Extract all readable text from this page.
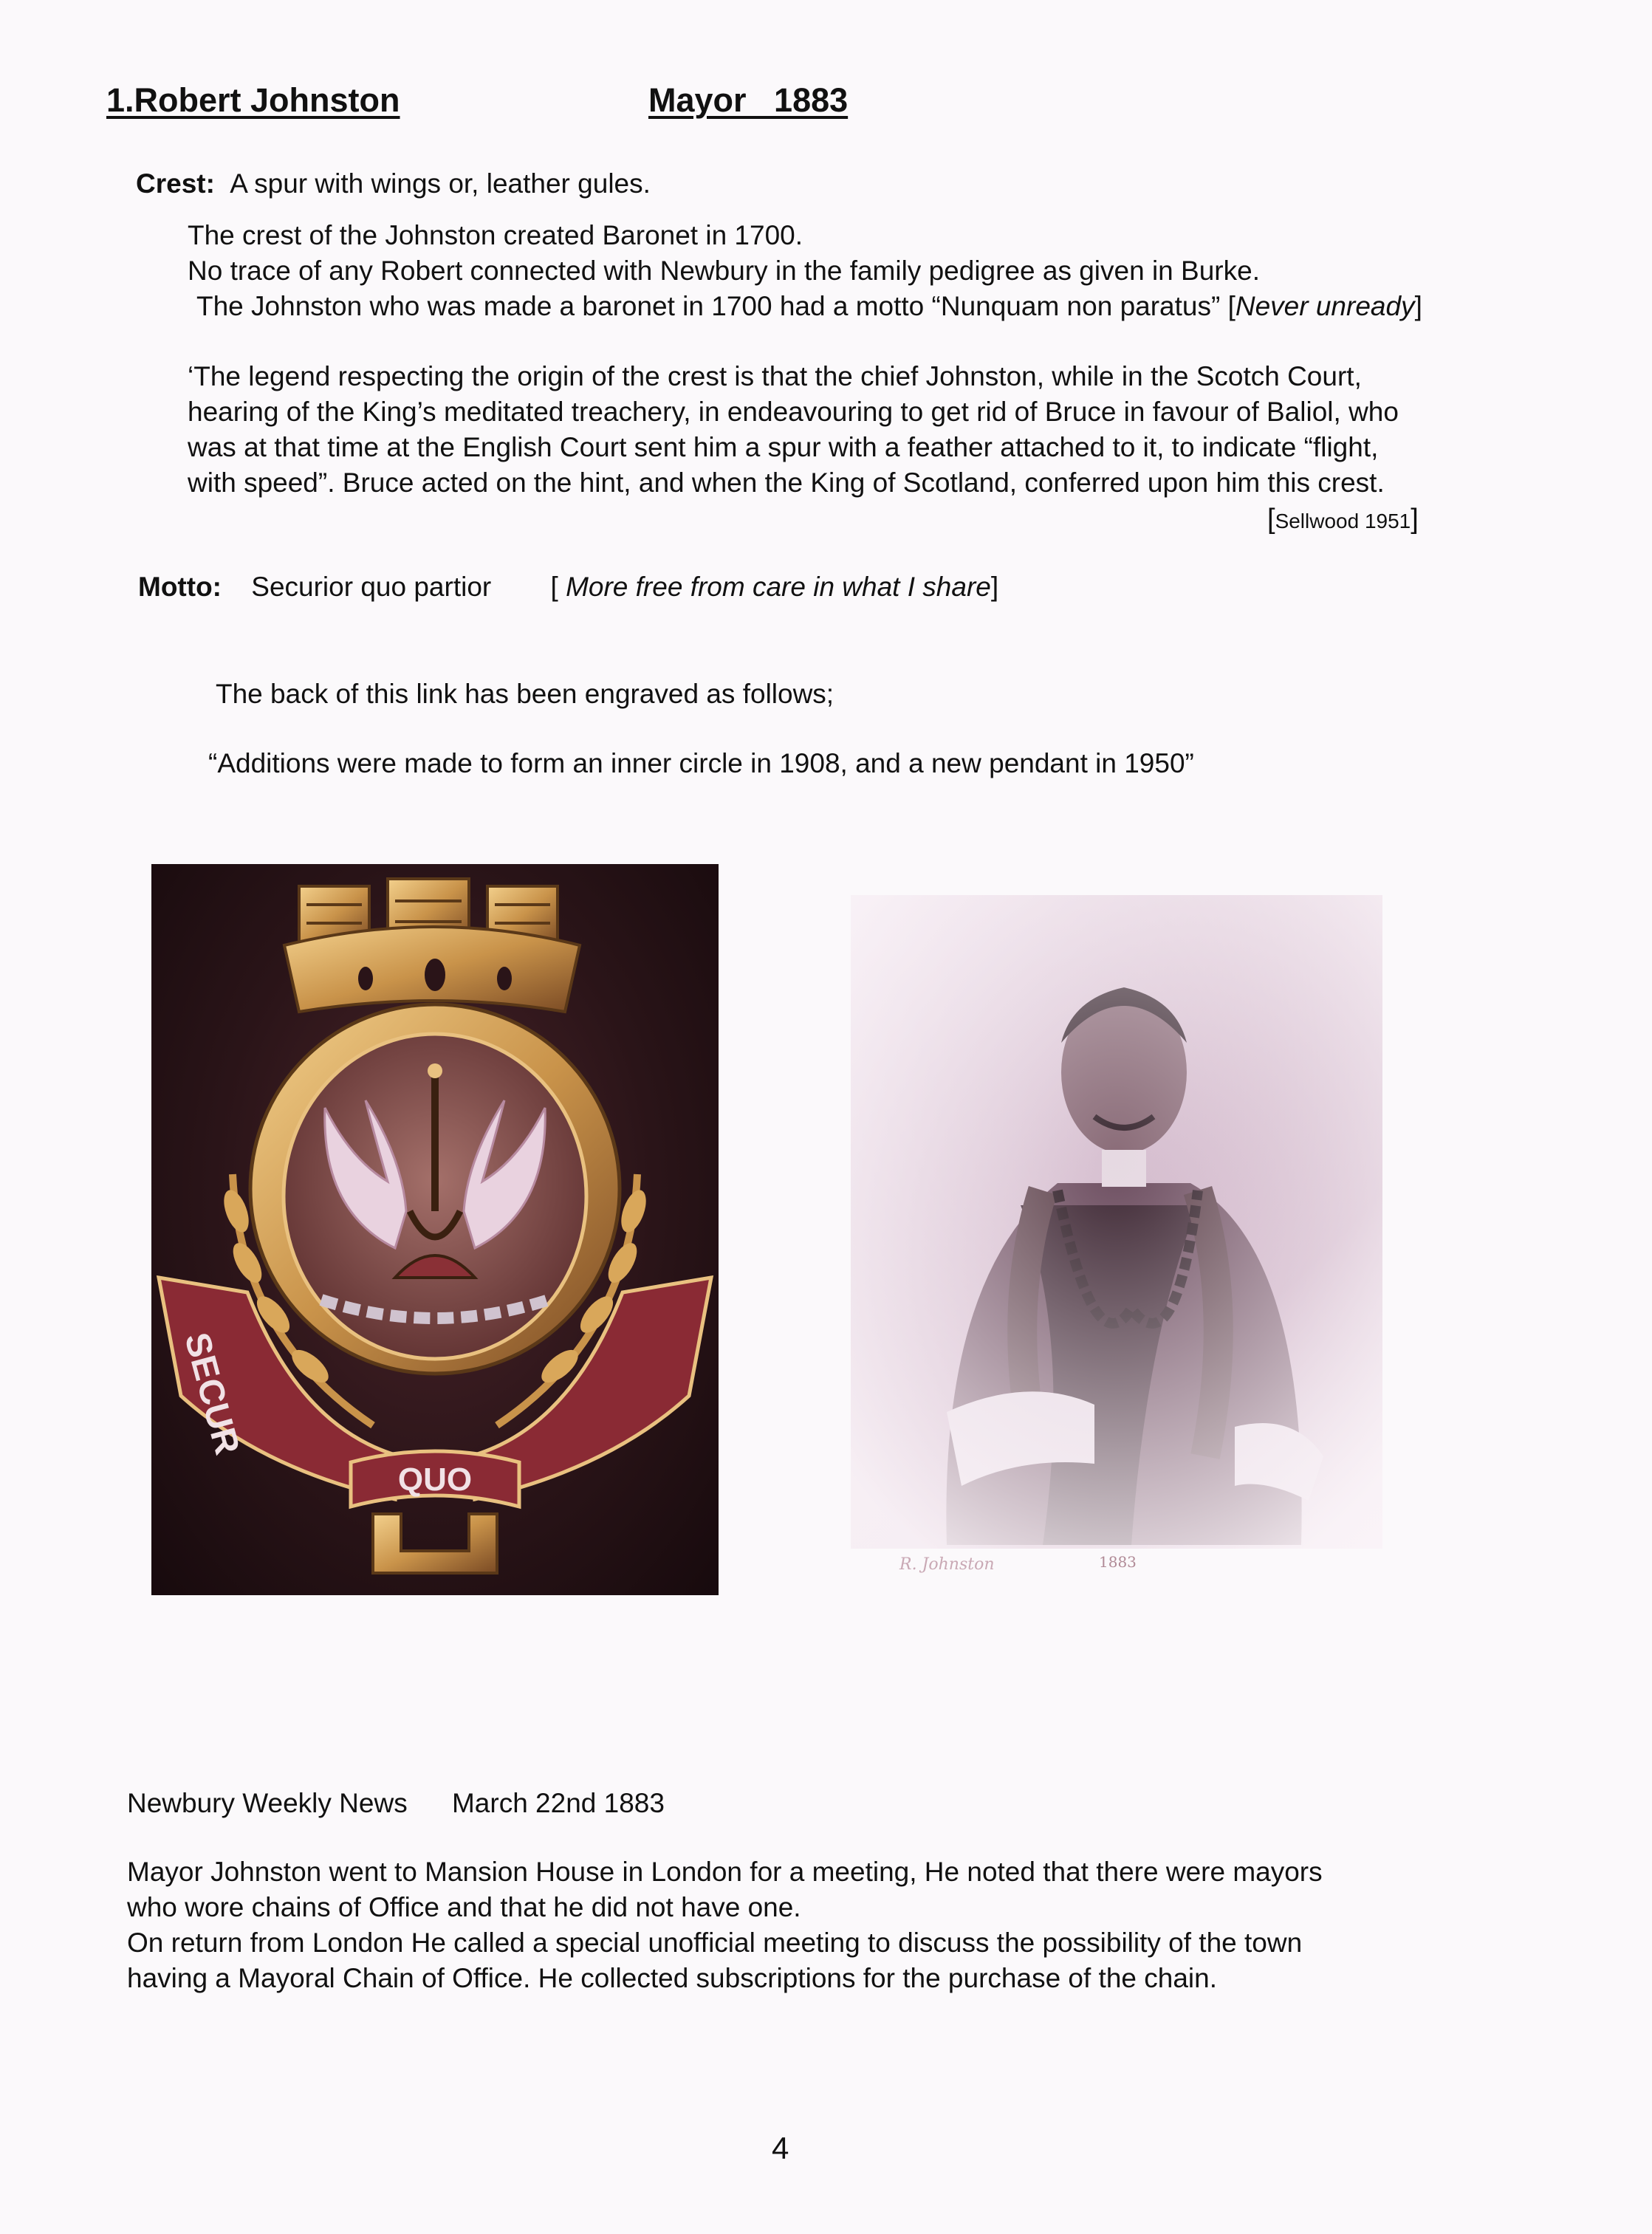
1.Robert Johnston	Mayor   1883
Crest: A spur with wings or, leather gules.
The crest of the Johnston created Baronet in 1700.
No trace of any Robert connected with Newbury in the family pedigree as given in Burke.
The Johnston who was made a baronet in 1700 had a motto “Nunquam non paratus” [Never unready]
‘The legend respecting the origin of the crest is that the chief Johnston, while in the Scotch Court,
hearing of the King’s meditated treachery, in endeavouring to get rid of Bruce in favour of Baliol, who
was at that time at the English Court sent him a spur with a feather attached to it, to indicate “flight,
with speed”. Bruce acted on the hint, and when the King of Scotland, conferred upon him this crest.
[Sellwood 1951]
Motto: Securior quo partior [ More free from care in what I share]
The back of this link has been engraved as follows;
“Additions were made to form an inner circle in 1908, and a new pendant in 1950”
SECUR
QUO
R. Johnston	1883
Newbury Weekly News March 22nd 1883
Mayor Johnston went to Mansion House in London for a meeting, He noted that there were mayors
who wore chains of Office and that he did not have one.
On return from London He called a special unofficial meeting to discuss the possibility of the town
having a Mayoral Chain of Office. He collected subscriptions for the purchase of the chain.
4
